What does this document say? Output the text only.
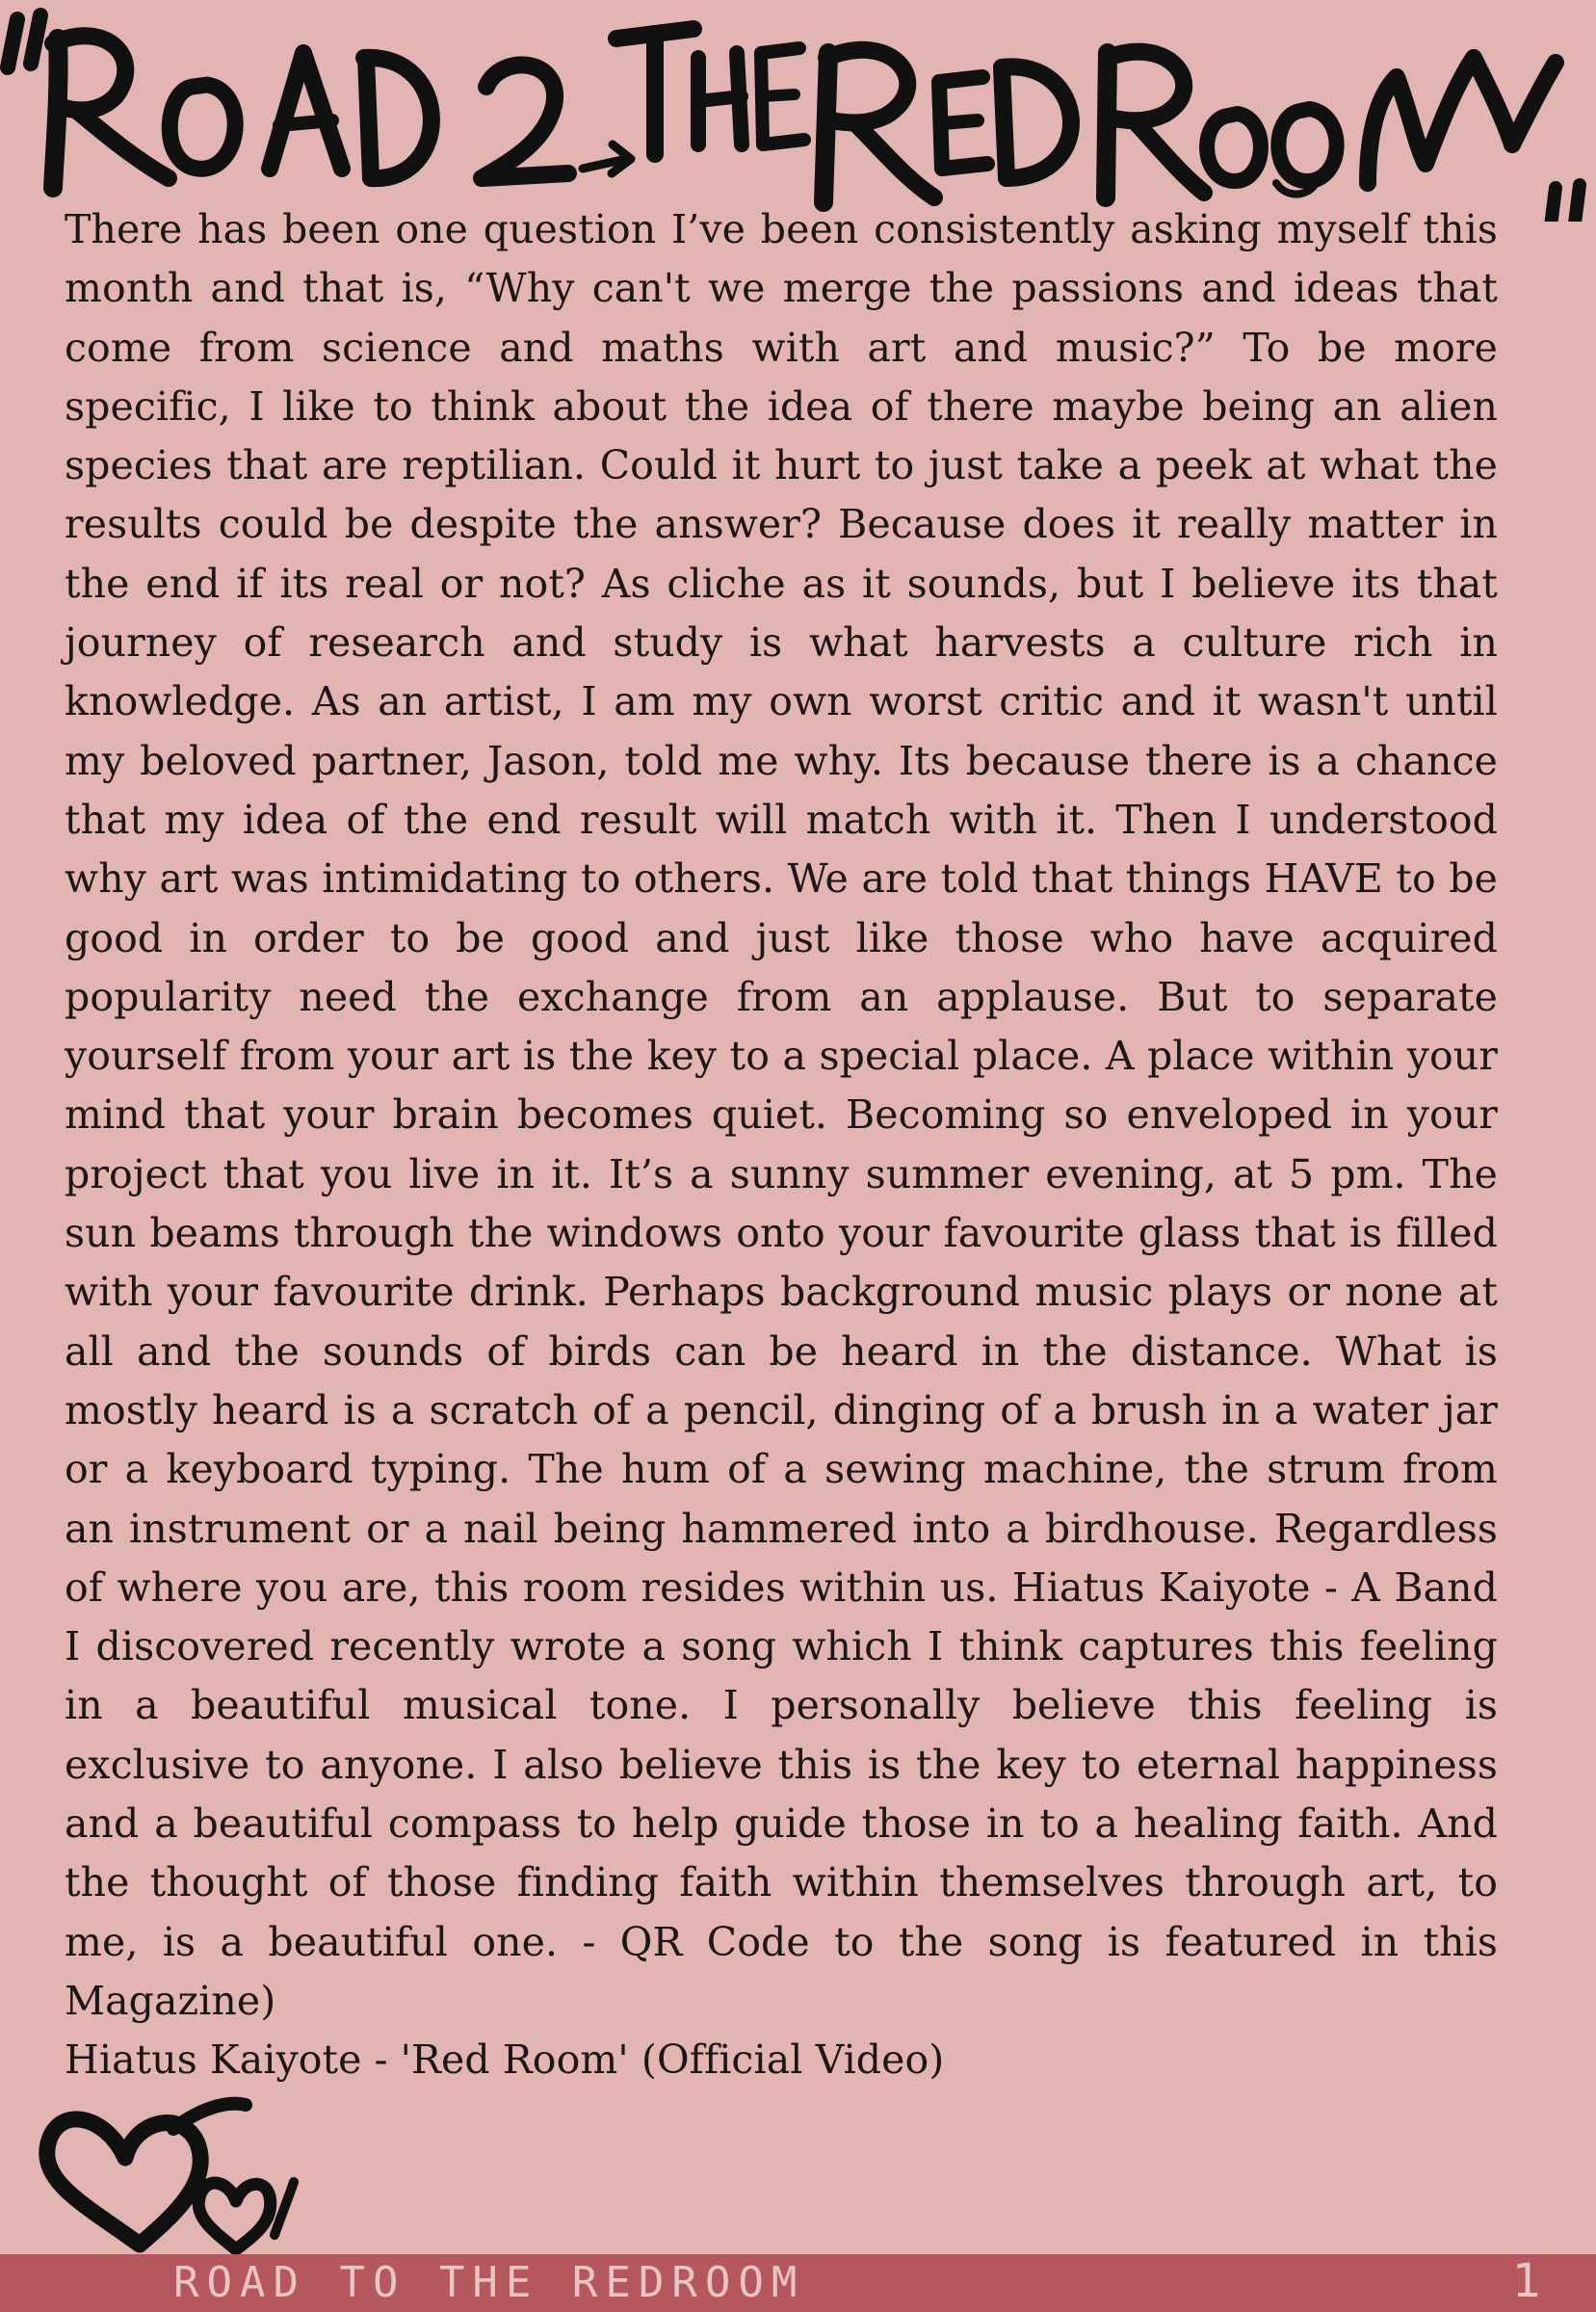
There has been one question I’ve been consistently asking myself this month and that is, “Why can't we merge the passions and ideas that come from science and maths with art and music?” To be more specific, I like to think about the idea of there maybe being an alien species that are reptilian. Could it hurt to just take a peek at what the results could be despite the answer? Because does it really matter in the end if its real or not? As cliche as it sounds, but I believe its that journey of research and study is what harvests a culture rich in knowledge. As an artist, I am my own worst critic and it wasn't until my beloved partner, Jason, told me why. Its because there is a chance that my idea of the end result will match with it. Then I understood why art was intimidating to others. We are told that things HAVE to be good in order to be good and just like those who have acquired popularity need the exchange from an applause. But to separate yourself from your art is the key to a special place. A place within your mind that your brain becomes quiet. Becoming so enveloped in your project that you live in it. It’s a sunny summer evening, at 5 pm. The sun beams through the windows onto your favourite glass that is filled with your favourite drink. Perhaps background music plays or none at all and the sounds of birds can be heard in the distance. What is mostly heard is a scratch of a pencil, dinging of a brush in a water jar or a keyboard typing. The hum of a sewing machine, the strum from an instrument or a nail being hammered into a birdhouse. Regardless of where you are, this room resides within us. Hiatus Kaiyote - A Band I discovered recently wrote a song which I think captures this feeling in a beautiful musical tone. I personally believe this feeling is exclusive to anyone. I also believe this is the key to eternal happiness and a beautiful compass to help guide those in to a healing faith. And the thought of those finding faith within themselves through art, to me, is a beautiful one. - QR Code to the song is featured in this Magazine)

Hiatus Kaiyote - 'Red Room' (Official Video)
ROAD TO THE REDROOM	1
